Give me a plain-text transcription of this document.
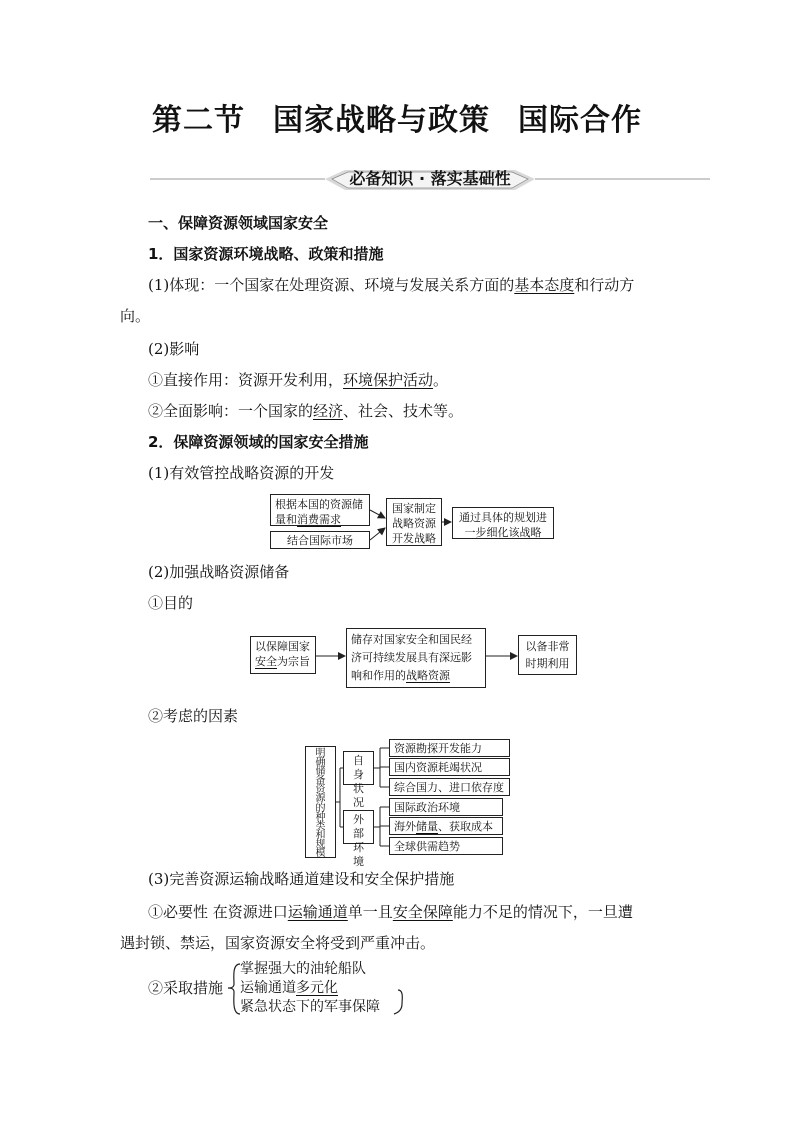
第二节 国家战略与政策 国际合作
必备知识 · 落实基础性
一、保障资源领域国家安全
1．国家资源环境战略、政策和措施
(1)体现：一个国家在处理资源、环境与发展关系方面的基本态度和行动方
向。
(2)影响
①直接作用：资源开发利用，环境保护活动。
②全面影响：一个国家的经济、社会、技术等。
2．保障资源领域的国家安全措施
(1)有效管控战略资源的开发
根据本国的资源储
量和消费需求
结合国际市场
国家制定
战略资源
开发战略
通过具体的规划进
一步细化该战略
(2)加强战略资源储备
①目的
以保障国家
安全为宗旨
储存对国家安全和国民经
济可持续发展具有深远影
响和作用的战略资源
以备非常
时期利用
②考虑的因素
明
确
储
备
资
源
的
种
类
和
规
模
自身
状况
外部
环境
资源勘探开发能力
国内资源耗竭状况
综合国力、进口依存度
国际政治环境
海外储量、获取成本
全球供需趋势
(3)完善资源运输战略通道建设和安全保护措施
①必要性 在资源进口运输通道单一且安全保障能力不足的情况下，一旦遭
遇封锁、禁运，国家资源安全将受到严重冲击。
②采取措施
掌握强大的油轮船队
运输通道多元化
紧急状态下的军事保障
